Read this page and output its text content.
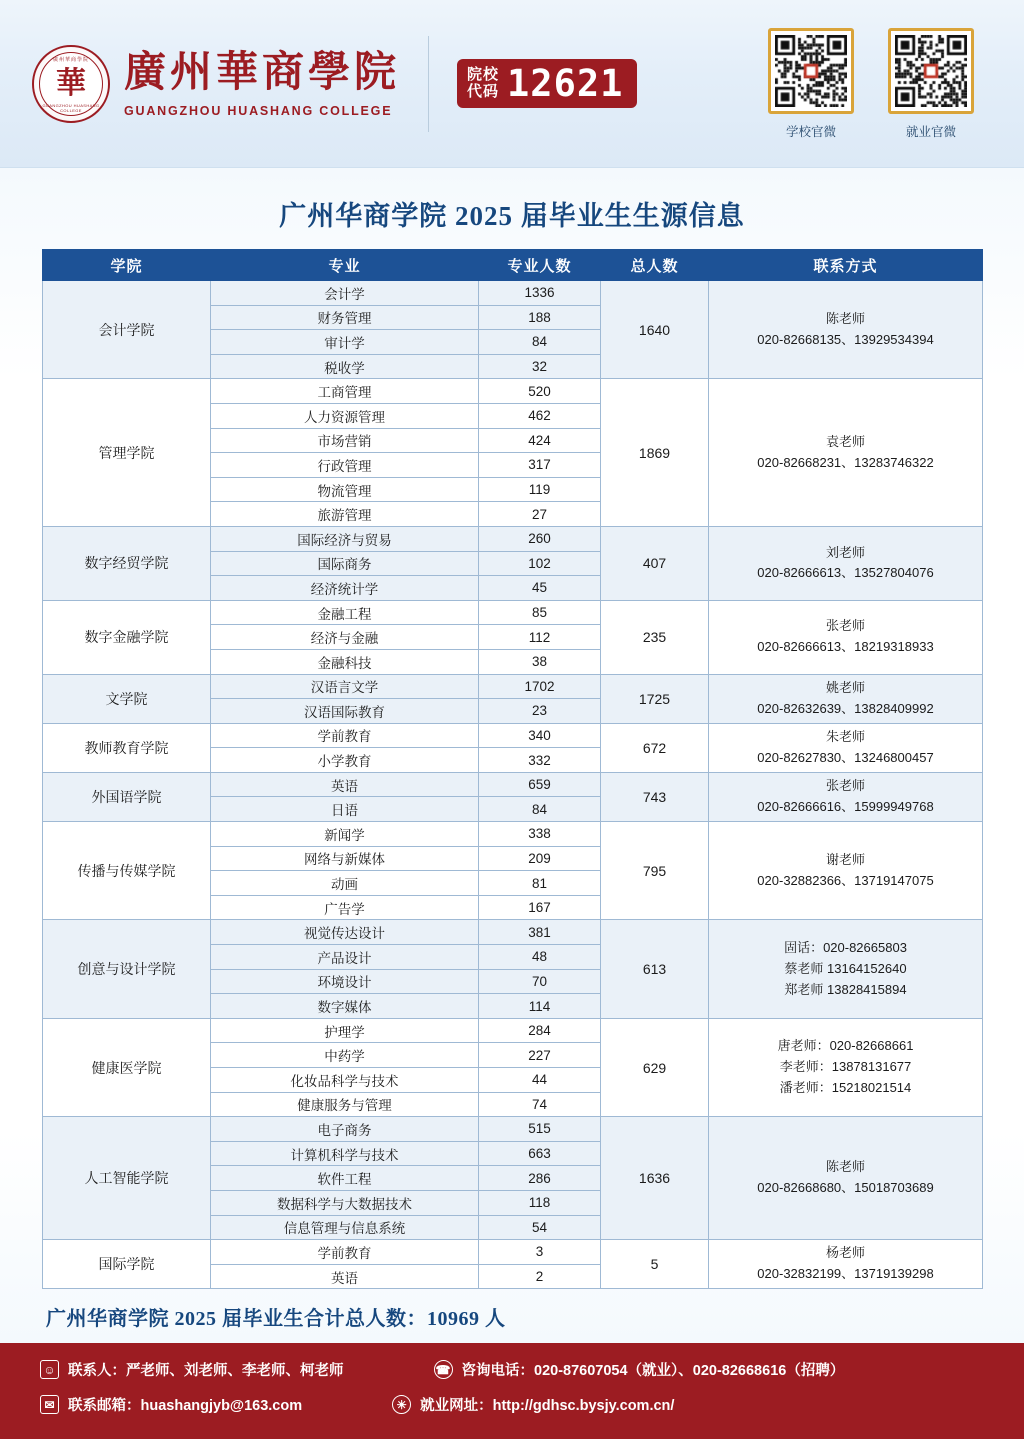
廣州華商學院
華
GUANGZHOU HUASHANG COLLEGE
廣州華商學院
GUANGZHOU HUASHANG COLLEGE
院校
代码 12621
学校官微	就业官微
广州华商学院 2025 届毕业生生源信息
学院	专业	专业人数	总人数	联系方式
会计学院	会计学	1336	1640	陈老师
020-82668135、13929534394

	财务管理	188		
	审计学	84		
	税收学	32		
管理学院	工商管理	520	1869	袁老师
020-82668231、13283746322

	人力资源管理	462		
	市场营销	424		
	行政管理	317		
	物流管理	119		
	旅游管理	27		
数字经贸学院	国际经济与贸易	260	407	刘老师
020-82666613、13527804076

	国际商务	102		
	经济统计学	45		
数字金融学院	金融工程	85	235	张老师
020-82666613、18219318933

	经济与金融	112		
	金融科技	38		
文学院	汉语言文学	1702	1725	姚老师
020-82632639、13828409992

	汉语国际教育	23		
教师教育学院	学前教育	340	672	朱老师
020-82627830、13246800457

	小学教育	332		
外国语学院	英语	659	743	张老师
020-82666616、15999949768

	日语	84		
传播与传媒学院	新闻学	338	795	谢老师
020-32882366、13719147075

	网络与新媒体	209		
	动画	81		
	广告学	167		
创意与设计学院	视觉传达设计	381	613	固话：020-82665803
蔡老师 13164152640
郑老师 13828415894

	产品设计	48		
	环境设计	70		
	数字媒体	114		
健康医学院	护理学	284	629	唐老师：020-82668661
李老师：13878131677
潘老师：15218021514

	中药学	227		
	化妆品科学与技术	44		
	健康服务与管理	74		
人工智能学院	电子商务	515	1636	陈老师
020-82668680、15018703689

	计算机科学与技术	663		
	软件工程	286		
	数据科学与大数据技术	118		
	信息管理与信息系统	54		
国际学院	学前教育	3	5	杨老师
020-32832199、13719139298

	英语	2		
广州华商学院 2025 届毕业生合计总人数：10969 人
☺ 联系人：严老师、刘老师、李老师、柯老师	☎ 咨询电话：020-87607054（就业）、020-82668616（招聘）
✉ 联系邮箱：huashangjyb@163.com	☀ 就业网址：http://gdhsc.bysjy.com.cn/
